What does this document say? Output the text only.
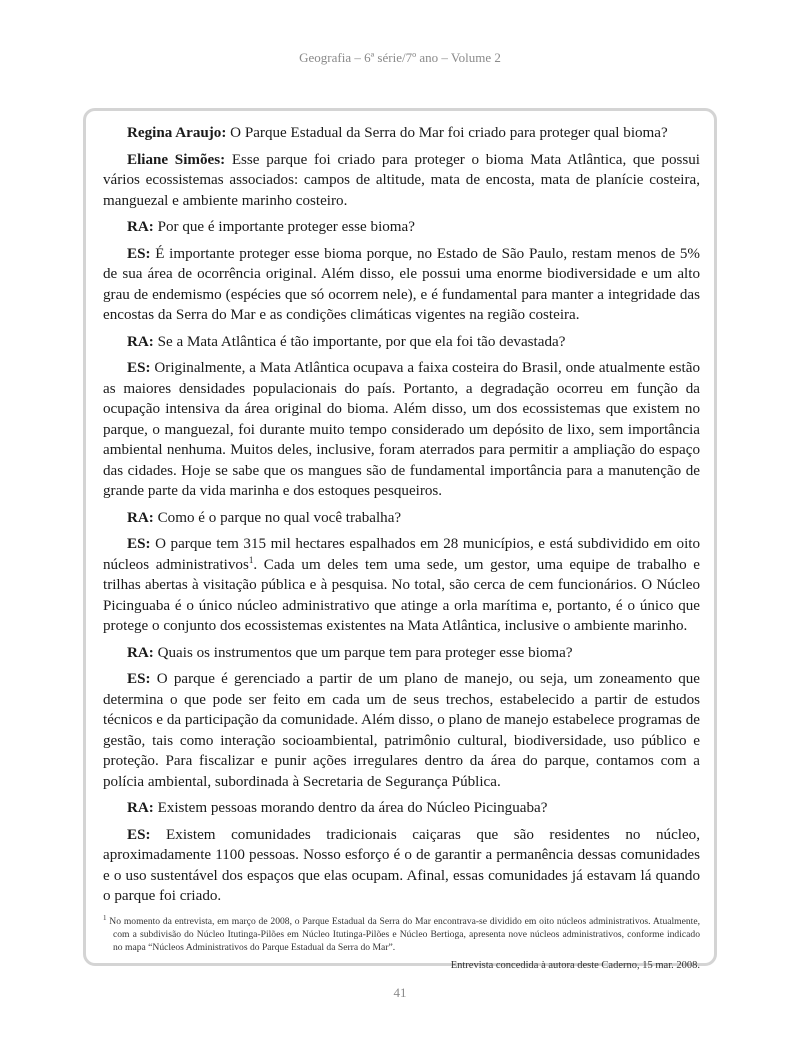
Geografia – 6ª série/7º ano – Volume 2

Regina Araujo: O Parque Estadual da Serra do Mar foi criado para proteger qual bioma?

Eliane Simões: Esse parque foi criado para proteger o bioma Mata Atlântica, que possui vários ecossistemas associados: campos de altitude, mata de encosta, mata de planície costeira, manguezal e ambiente marinho costeiro.

RA: Por que é importante proteger esse bioma?

ES: É importante proteger esse bioma porque, no Estado de São Paulo, restam menos de 5% de sua área de ocorrência original. Além disso, ele possui uma enorme biodiversidade e um alto grau de endemismo (espécies que só ocorrem nele), e é fundamental para manter a integridade das encostas da Serra do Mar e as condições climáticas vigentes na região costeira.

RA: Se a Mata Atlântica é tão importante, por que ela foi tão devastada?

ES: Originalmente, a Mata Atlântica ocupava a faixa costeira do Brasil, onde atualmente estão as maiores densidades populacionais do país. Portanto, a degradação ocorreu em função da ocupação intensiva da área original do bioma. Além disso, um dos ecossistemas que existem no parque, o manguezal, foi durante muito tempo considerado um depósito de lixo, sem importância ambiental nenhuma. Muitos deles, inclusive, foram aterrados para permitir a ampliação do espaço das cidades. Hoje se sabe que os mangues são de fundamental importância para a manutenção de grande parte da vida marinha e dos estoques pesqueiros.

RA: Como é o parque no qual você trabalha?

ES: O parque tem 315 mil hectares espalhados em 28 municípios, e está subdividido em oito núcleos administrativos$^1$. Cada um deles tem uma sede, um gestor, uma equipe de trabalho e trilhas abertas à visitação pública e à pesquisa. No total, são cerca de cem funcionários. O Núcleo Picinguaba é o único núcleo administrativo que atinge a orla marítima e, portanto, é o único que protege o conjunto dos ecossistemas existentes na Mata Atlântica, inclusive o ambiente marinho.

RA: Quais os instrumentos que um parque tem para proteger esse bioma?

ES: O parque é gerenciado a partir de um plano de manejo, ou seja, um zoneamento que determina o que pode ser feito em cada um de seus trechos, estabelecido a partir de estudos técnicos e da participação da comunidade. Além disso, o plano de manejo estabelece programas de gestão, tais como interação socioambiental, patrimônio cultural, biodiversidade, uso público e proteção. Para fiscalizar e punir ações irregulares dentro da área do parque, contamos com a polícia ambiental, subordinada à Secretaria de Segurança Pública.

RA: Existem pessoas morando dentro da área do Núcleo Picinguaba?

ES: Existem comunidades tradicionais caiçaras que são residentes no núcleo, aproximadamente 1100 pessoas. Nosso esforço é o de garantir a permanência dessas comunidades e o uso sustentável dos espaços que elas ocupam. Afinal, essas comunidades já estavam lá quando o parque foi criado.

$^1$ No momento da entrevista, em março de 2008, o Parque Estadual da Serra do Mar encontrava-se dividido em oito núcleos administrativos. Atualmente, com a subdivisão do Núcleo Itutinga-Pilões em Núcleo Itutinga-Pilões e Núcleo Bertioga, apresenta nove núcleos administrativos, conforme indicado no mapa “Núcleos Administrativos do Parque Estadual da Serra do Mar”.

Entrevista concedida à autora deste Caderno, 15 mar. 2008.

41
